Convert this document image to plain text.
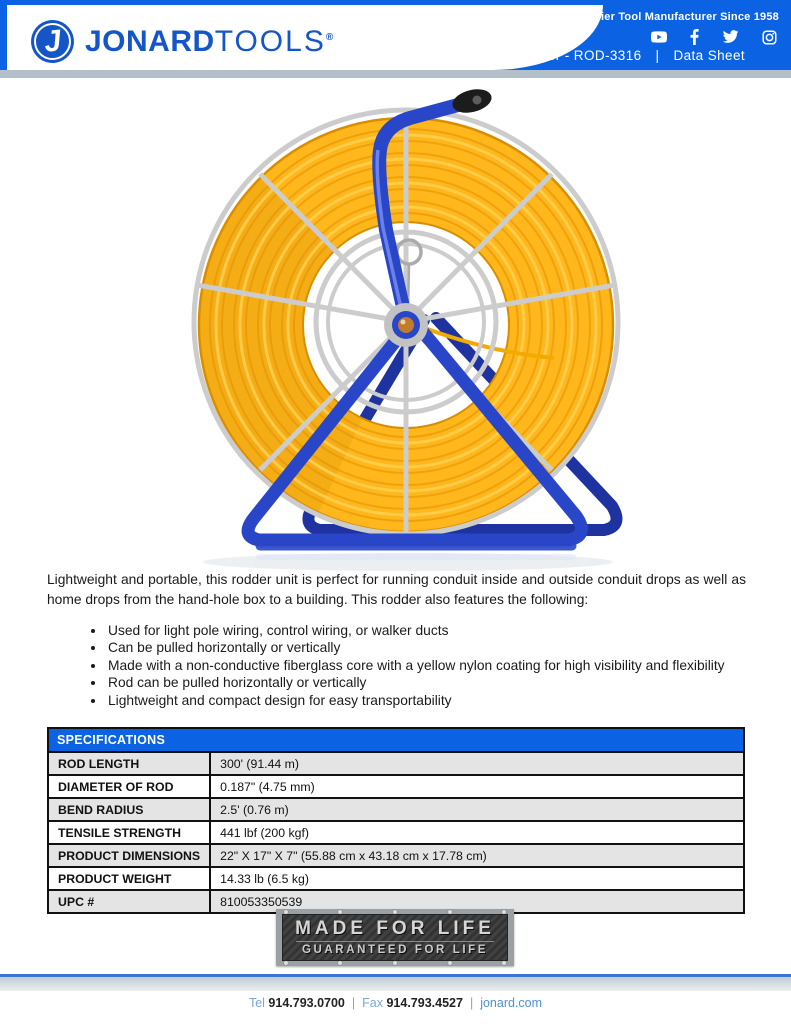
J JONARDTOOLS®
Premier Tool Manufacturer Since 1958
Plastic Coated Fiberglass Rodder - ROD-3316 | Data Sheet
Lightweight and portable, this rodder unit is perfect for running conduit inside and outside conduit drops as well as home drops from the hand-hole box to a building. This rodder also features the following:
• Used for light pole wiring, control wiring, or walker ducts
• Can be pulled horizontally or vertically
• Made with a non-conductive fiberglass core with a yellow nylon coating for high visibility and flexibility
• Rod can be pulled horizontally or vertically
• Lightweight and compact design for easy transportability
SPECIFICATIONS	
ROD LENGTH	300' (91.44 m)
DIAMETER OF ROD	0.187" (4.75 mm)
BEND RADIUS	2.5' (0.76 m)
TENSILE STRENGTH	441 lbf (200 kgf)
PRODUCT DIMENSIONS	22" X 17" X 7" (55.88 cm x 43.18 cm x 17.78 cm)
PRODUCT WEIGHT	14.33 lb (6.5 kg)
UPC #	810053350539
MADE FOR LIFE
GUARANTEED FOR LIFE
Tel 914.793.0700 | Fax 914.793.4527 | jonard.com
